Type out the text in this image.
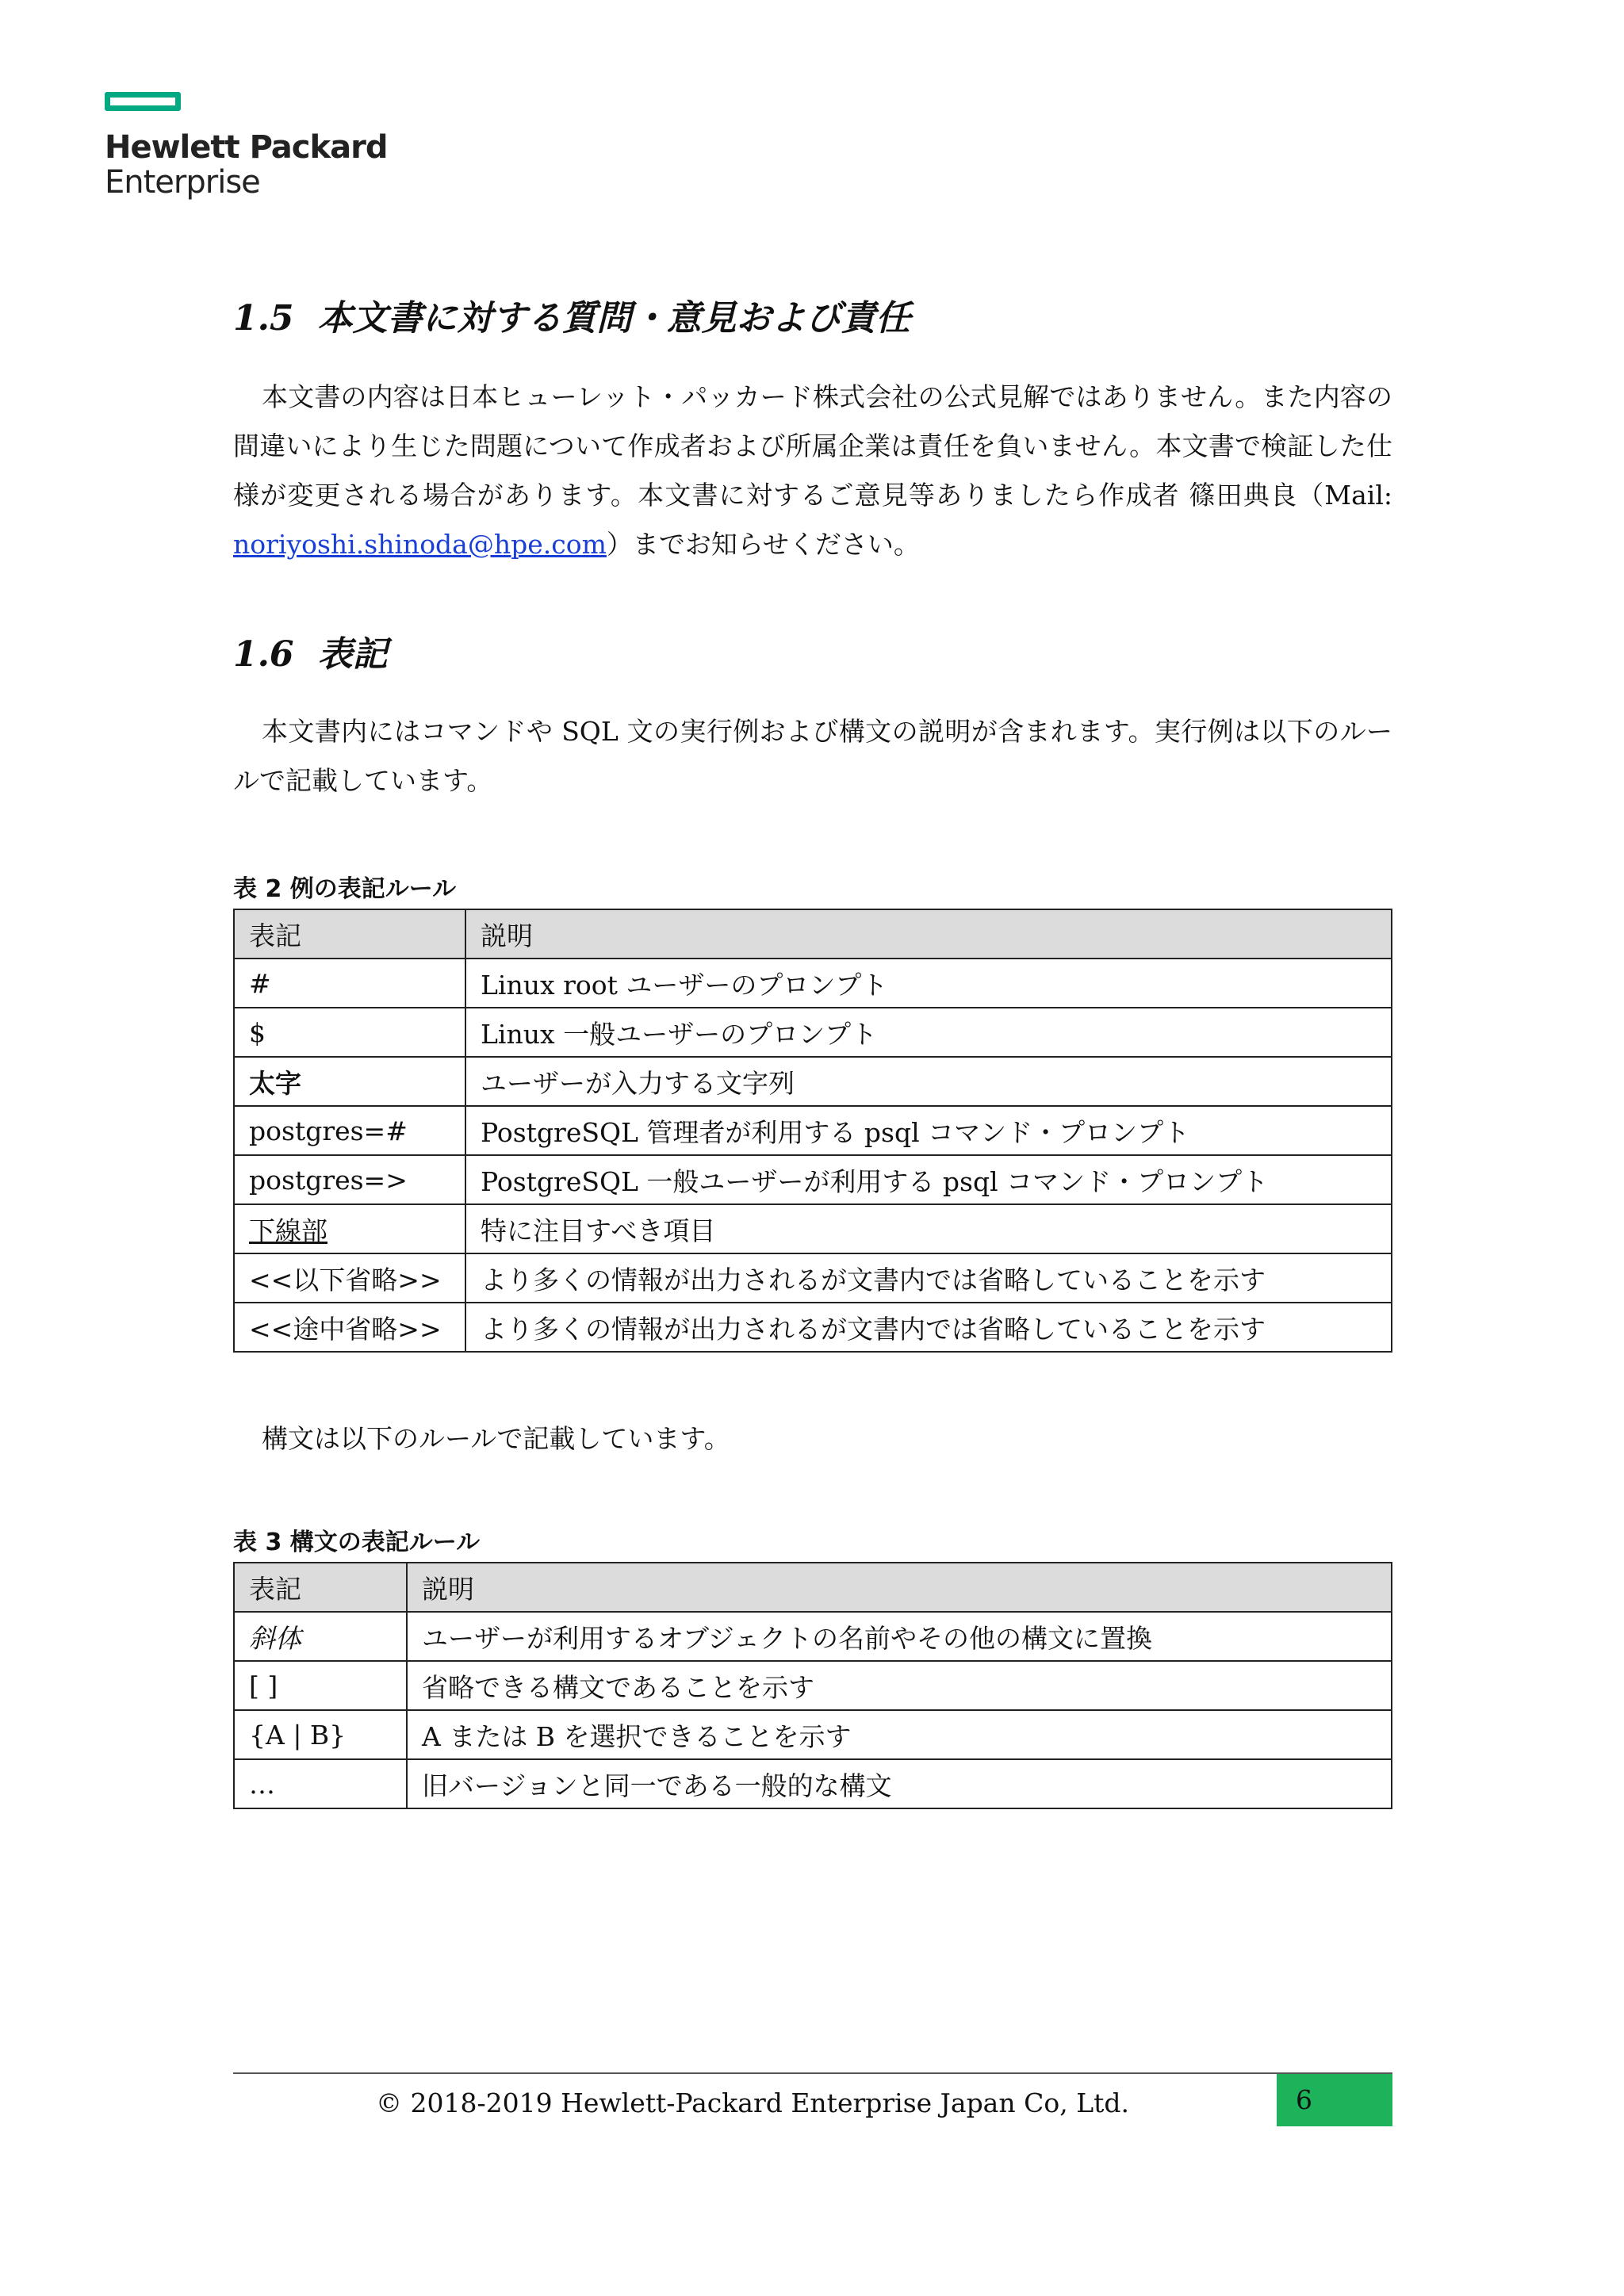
Hewlett Packard
Enterprise
1.5 本文書に対する質問・意見および責任

本文書の内容は日本ヒューレット・パッカード株式会社の公式見解ではありません。また内容の間違いにより生じた問題について作成者および所属企業は責任を負いません。本文書で検証した仕様が変更される場合があります。本文書に対するご意見等ありましたら作成者 篠田典良（Mail: noriyoshi.shinoda@hpe.com）までお知らせください。

1.6 表記

本文書内にはコマンドや SQL 文の実行例および構文の説明が含まれます。実行例は以下のルールで記載しています。

表 2 例の表記ルール
表記	説明
#	Linux root ユーザーのプロンプト
$	Linux 一般ユーザーのプロンプト
太字	ユーザーが入力する文字列
postgres=#	PostgreSQL 管理者が利用する psql コマンド・プロンプト
postgres=>	PostgreSQL 一般ユーザーが利用する psql コマンド・プロンプト
下線部	特に注目すべき項目
<<以下省略>>	より多くの情報が出力されるが文書内では省略していることを示す
<<途中省略>>	より多くの情報が出力されるが文書内では省略していることを示す

構文は以下のルールで記載しています。

表 3 構文の表記ルール
表記	説明
斜体	ユーザーが利用するオブジェクトの名前やその他の構文に置換
[ ]	省略できる構文であることを示す
{A | B}	A または B を選択できることを示す
…	旧バージョンと同一である一般的な構文
© 2018-2019 Hewlett-Packard Enterprise Japan Co, Ltd.	6
